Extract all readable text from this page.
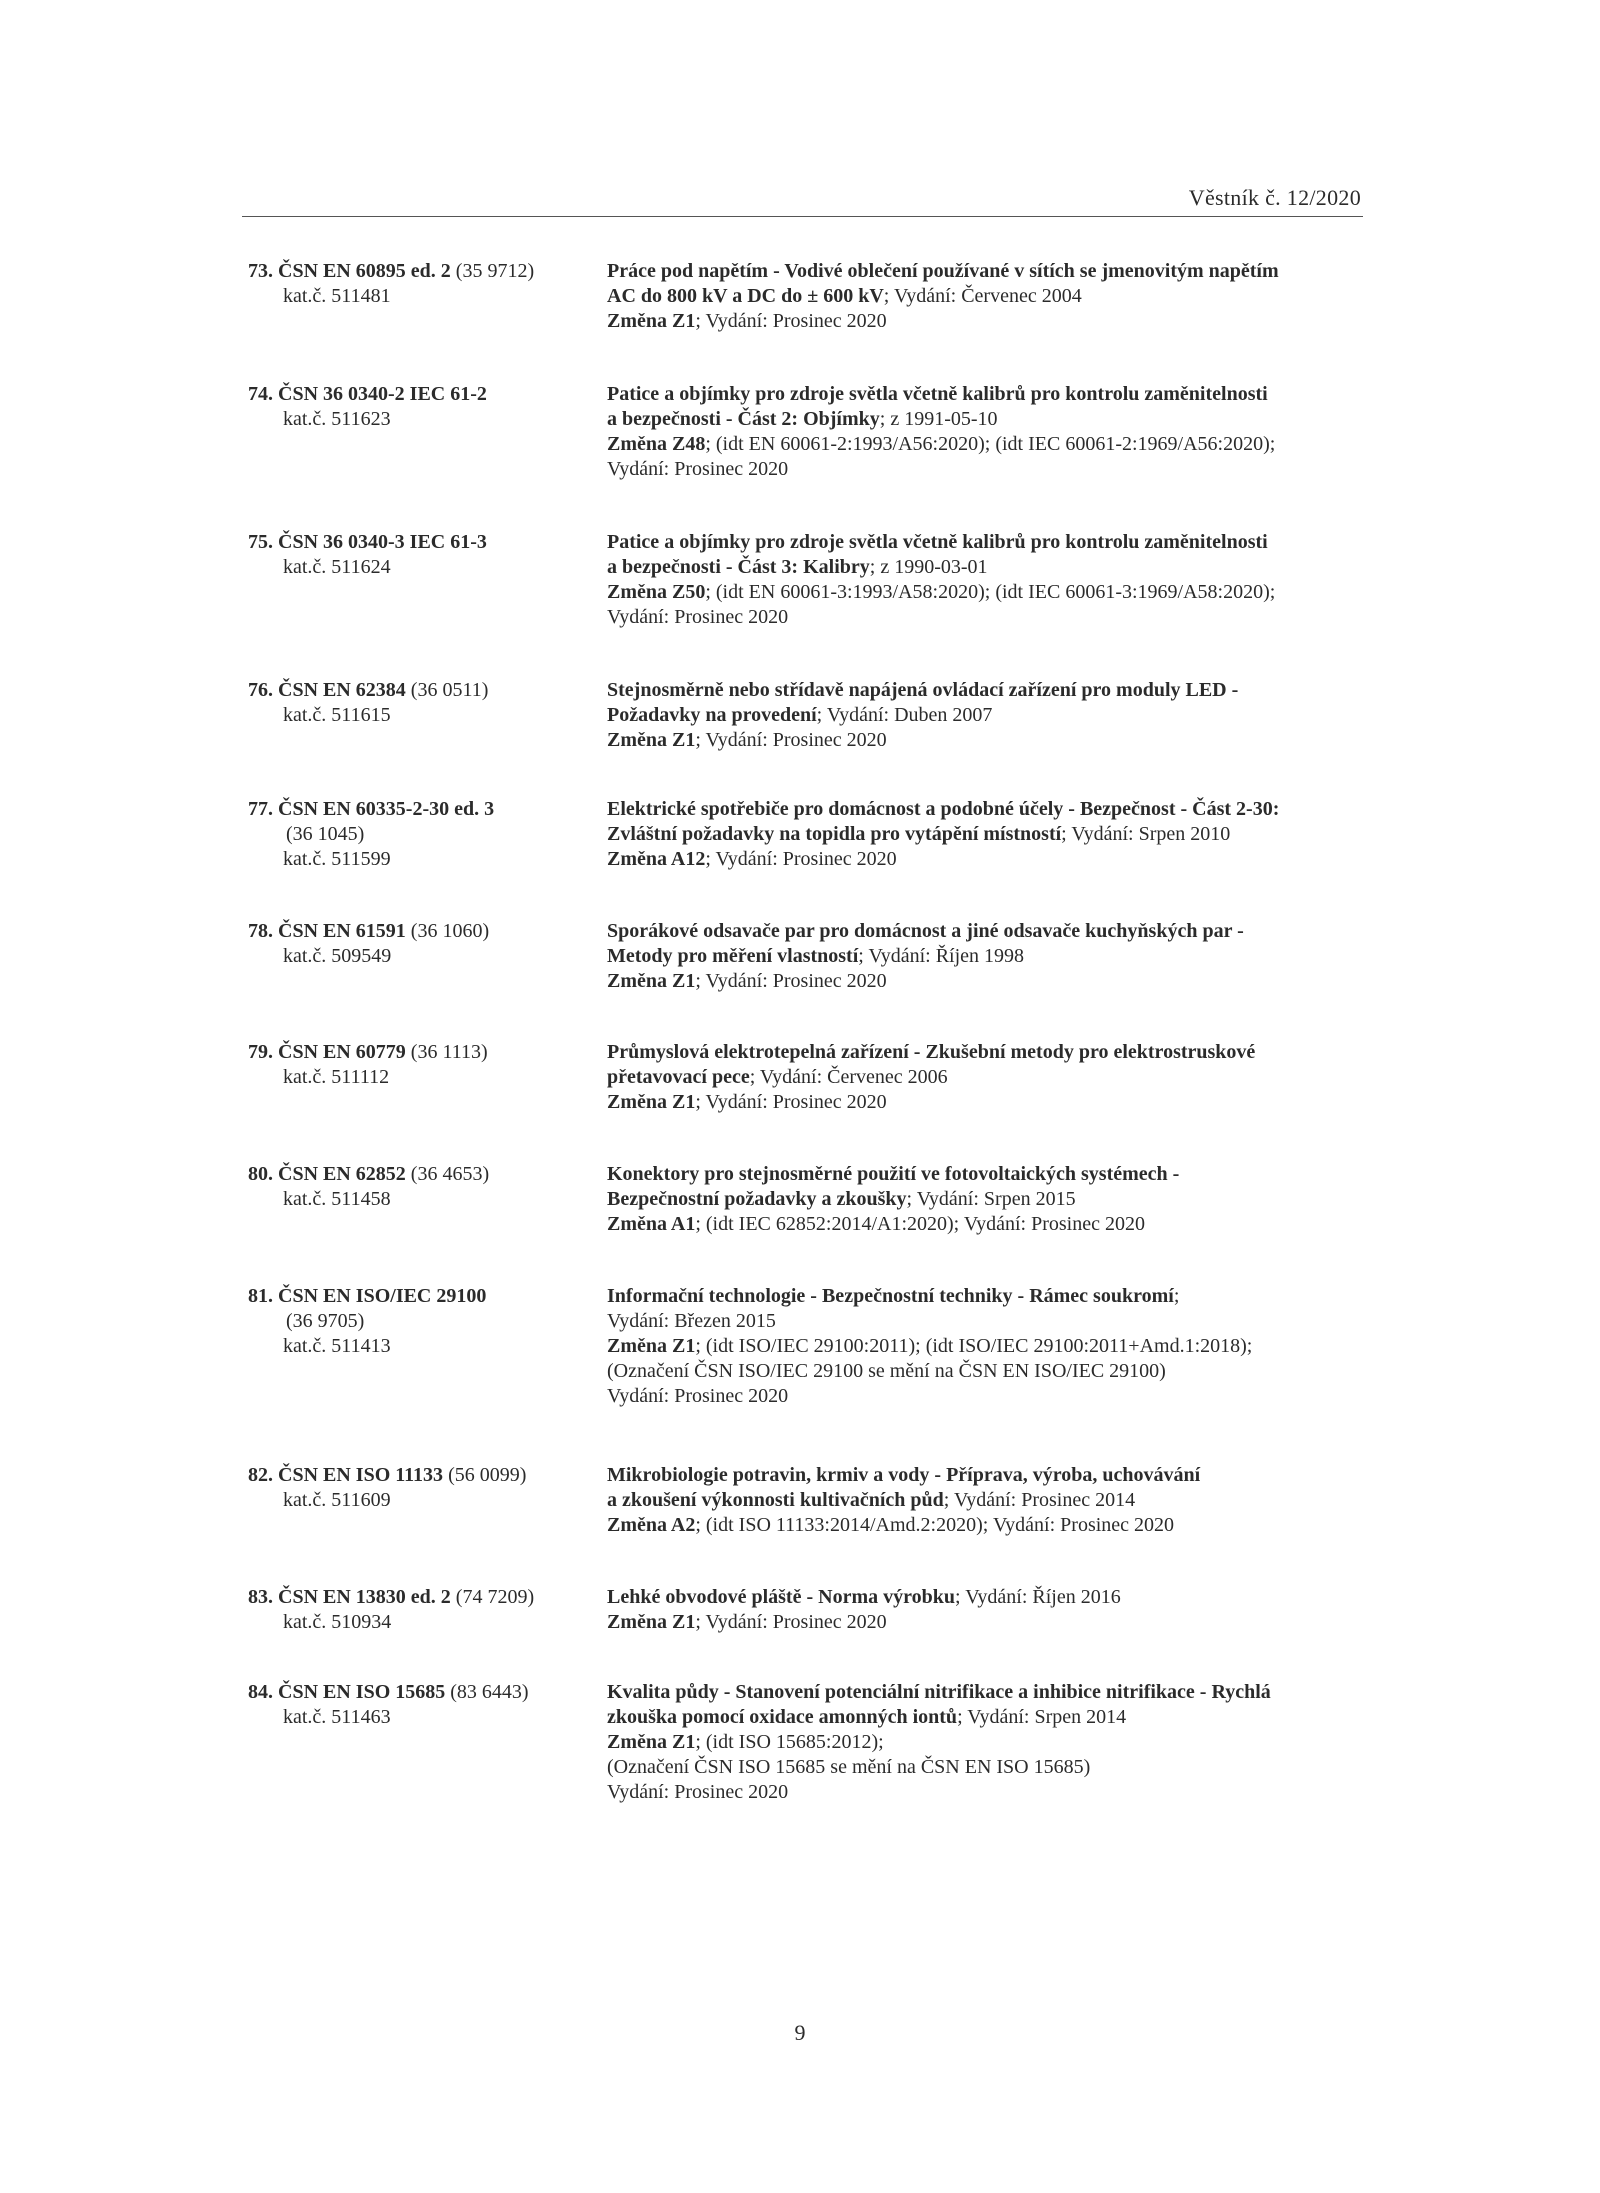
Věstník č. 12/2020
73. ČSN EN 60895 ed. 2 (35 9712)
kat.č. 511481
Práce pod napětím - Vodivé oblečení používané v sítích se jmenovitým napětím
AC do 800 kV a DC do ± 600 kV; Vydání: Červenec 2004
Změna Z1; Vydání: Prosinec 2020
74. ČSN 36 0340-2 IEC 61-2
kat.č. 511623
Patice a objímky pro zdroje světla včetně kalibrů pro kontrolu zaměnitelnosti
a bezpečnosti - Část 2: Objímky; z 1991-05-10
Změna Z48; (idt EN 60061-2:1993/A56:2020); (idt IEC 60061-2:1969/A56:2020);
Vydání: Prosinec 2020
75. ČSN 36 0340-3 IEC 61-3
kat.č. 511624
Patice a objímky pro zdroje světla včetně kalibrů pro kontrolu zaměnitelnosti
a bezpečnosti - Část 3: Kalibry; z 1990-03-01
Změna Z50; (idt EN 60061-3:1993/A58:2020); (idt IEC 60061-3:1969/A58:2020);
Vydání: Prosinec 2020
76. ČSN EN 62384 (36 0511)
kat.č. 511615
Stejnosměrně nebo střídavě napájená ovládací zařízení pro moduly LED -
Požadavky na provedení; Vydání: Duben 2007
Změna Z1; Vydání: Prosinec 2020
77. ČSN EN 60335-2-30 ed. 3
(36 1045)
kat.č. 511599
Elektrické spotřebiče pro domácnost a podobné účely - Bezpečnost - Část 2-30:
Zvláštní požadavky na topidla pro vytápění místností; Vydání: Srpen 2010
Změna A12; Vydání: Prosinec 2020
78. ČSN EN 61591 (36 1060)
kat.č. 509549
Sporákové odsavače par pro domácnost a jiné odsavače kuchyňských par -
Metody pro měření vlastností; Vydání: Říjen 1998
Změna Z1; Vydání: Prosinec 2020
79. ČSN EN 60779 (36 1113)
kat.č. 511112
Průmyslová elektrotepelná zařízení - Zkušební metody pro elektrostruskové
přetavovací pece; Vydání: Červenec 2006
Změna Z1; Vydání: Prosinec 2020
80. ČSN EN 62852 (36 4653)
kat.č. 511458
Konektory pro stejnosměrné použití ve fotovoltaických systémech -
Bezpečnostní požadavky a zkoušky; Vydání: Srpen 2015
Změna A1; (idt IEC 62852:2014/A1:2020); Vydání: Prosinec 2020
81. ČSN EN ISO/IEC 29100
(36 9705)
kat.č. 511413
Informační technologie - Bezpečnostní techniky - Rámec soukromí;
Vydání: Březen 2015
Změna Z1; (idt ISO/IEC 29100:2011); (idt ISO/IEC 29100:2011+Amd.1:2018);
(Označení ČSN ISO/IEC 29100 se mění na ČSN EN ISO/IEC 29100)
Vydání: Prosinec 2020
82. ČSN EN ISO 11133 (56 0099)
kat.č. 511609
Mikrobiologie potravin, krmiv a vody - Příprava, výroba, uchovávání
a zkoušení výkonnosti kultivačních půd; Vydání: Prosinec 2014
Změna A2; (idt ISO 11133:2014/Amd.2:2020); Vydání: Prosinec 2020
83. ČSN EN 13830 ed. 2 (74 7209)
kat.č. 510934
Lehké obvodové pláště - Norma výrobku; Vydání: Říjen 2016
Změna Z1; Vydání: Prosinec 2020
84. ČSN EN ISO 15685 (83 6443)
kat.č. 511463
Kvalita půdy - Stanovení potenciální nitrifikace a inhibice nitrifikace - Rychlá
zkouška pomocí oxidace amonných iontů; Vydání: Srpen 2014
Změna Z1; (idt ISO 15685:2012);
(Označení ČSN ISO 15685 se mění na ČSN EN ISO 15685)
Vydání: Prosinec 2020
9
